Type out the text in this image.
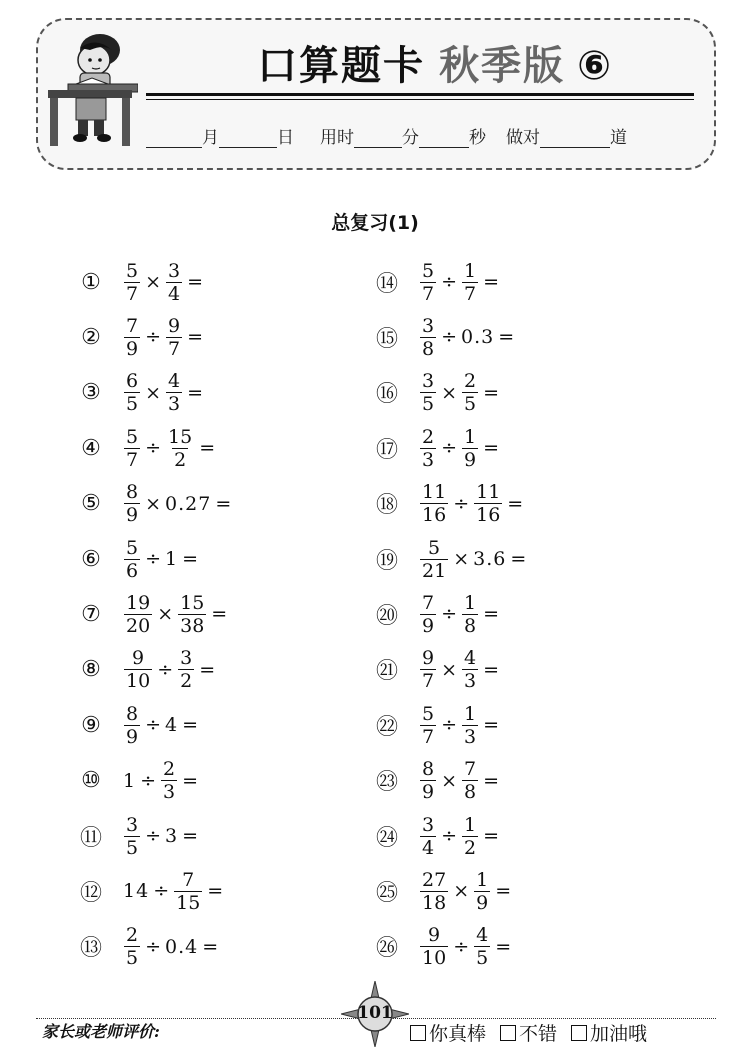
口算题卡 秋季版 ⑥
月	日 用时	分	秒 做对	道
总复习(1)
① $\frac{5}{7} \times \frac{3}{4}$ =
② $\frac{7}{9} \div \frac{9}{7}$ =
③ $\frac{6}{5} \times \frac{4}{3}$ =
④ $\frac{5}{7} \div \frac{15}{2}$ =
⑤ $\frac{8}{9} \times 0.27$ =
⑥ $\frac{5}{6} \div 1$ =
⑦ $\frac{19}{20} \times \frac{15}{38}$ =
⑧ $\frac{9}{10} \div \frac{3}{2}$ =
⑨ $\frac{8}{9} \div 4$ =
⑩ $1 \div \frac{2}{3}$ =
⑪ $\frac{3}{5} \div 3$ =
⑫ $14 \div \frac{7}{15}$ =
⑬ $\frac{2}{5} \div 0.4$ =
⑭ $\frac{5}{7} \div \frac{1}{7}$ =
⑮ $\frac{3}{8} \div 0.3$ =
⑯ $\frac{3}{5} \times \frac{2}{5}$ =
⑰ $\frac{2}{3} \div \frac{1}{9}$ =
⑱ $\frac{11}{16} \div \frac{11}{16}$ =
⑲ $\frac{5}{21} \times 3.6$ =
⑳ $\frac{7}{9} \div \frac{1}{8}$ =
㉑ $\frac{9}{7} \times \frac{4}{3}$ =
㉒ $\frac{5}{7} \div \frac{1}{3}$ =
㉓ $\frac{8}{9} \times \frac{7}{8}$ =
㉔ $\frac{3}{4} \div \frac{1}{2}$ =
㉕ $\frac{27}{18} \times \frac{1}{9}$ =
㉖ $\frac{9}{10} \div \frac{4}{5}$ =
家长或老师评价:
101
你真棒 不错 加油哦
